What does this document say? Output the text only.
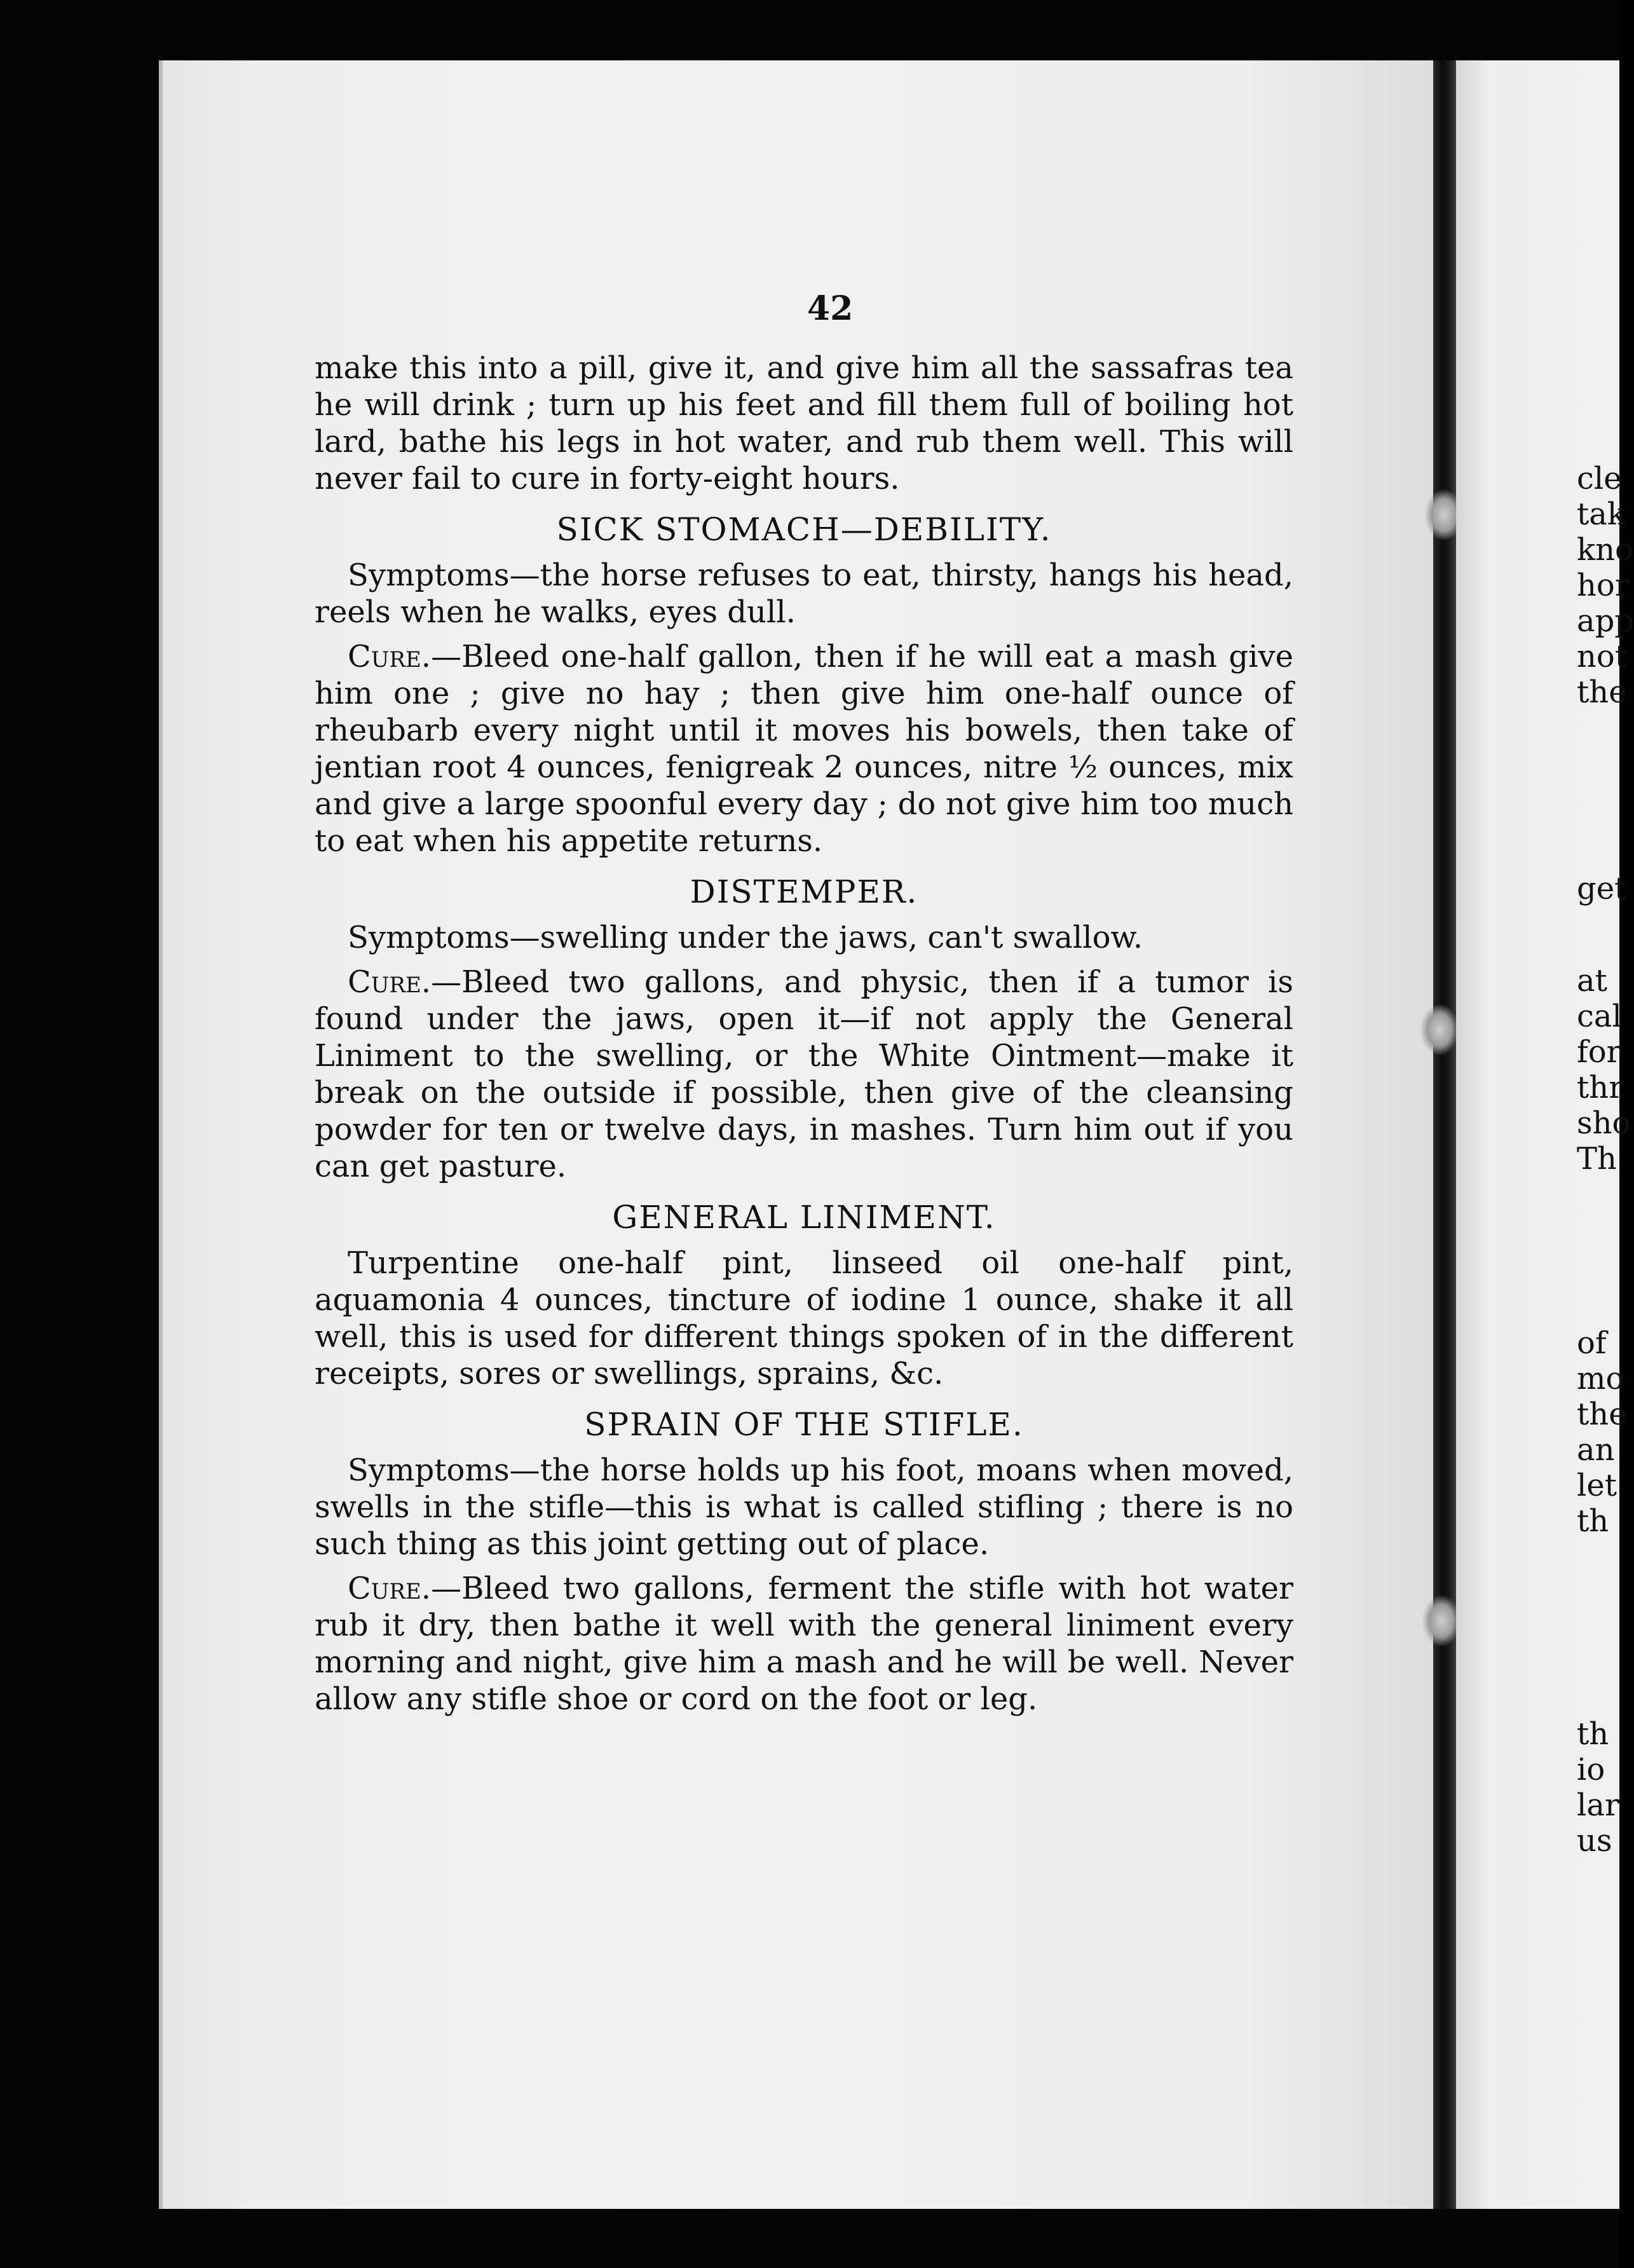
cle
tak
kno
hor
app
not
the
get
at
cal
for
thr
sho
Th
of
mo
the
an
let
th
th
io
lar
us
42

make this into a pill, give it, and give him all the sassafras tea he will drink ; turn up his feet and fill them full of boiling hot lard, bathe his legs in hot water, and rub them well. This will never fail to cure in forty-eight hours.

SICK STOMACH—DEBILITY.

Symptoms—the horse refuses to eat, thirsty, hangs his head, reels when he walks, eyes dull.

Cure.—Bleed one-half gallon, then if he will eat a mash give him one ; give no hay ; then give him one-half ounce of rheubarb every night until it moves his bowels, then take of jentian root 4 ounces, fenigreak 2 ounces, nitre ½ ounces, mix and give a large spoonful every day ; do not give him too much to eat when his appetite returns.

DISTEMPER.

Symptoms—swelling under the jaws, can't swallow.

Cure.—Bleed two gallons, and physic, then if a tumor is found under the jaws, open it—if not apply the General Liniment to the swelling, or the White Ointment—make it break on the outside if possible, then give of the cleansing powder for ten or twelve days, in mashes. Turn him out if you can get pasture.

GENERAL LINIMENT.

Turpentine one-half pint, linseed oil one-half pint, aquamonia 4 ounces, tincture of iodine 1 ounce, shake it all well, this is used for different things spoken of in the different receipts, sores or swellings, sprains, &c.

SPRAIN OF THE STIFLE.

Symptoms—the horse holds up his foot, moans when moved, swells in the stifle—this is what is called stifling ; there is no such thing as this joint getting out of place.

Cure.—Bleed two gallons, ferment the stifle with hot water rub it dry, then bathe it well with the general liniment every morning and night, give him a mash and he will be well. Never allow any stifle shoe or cord on the foot or leg.
